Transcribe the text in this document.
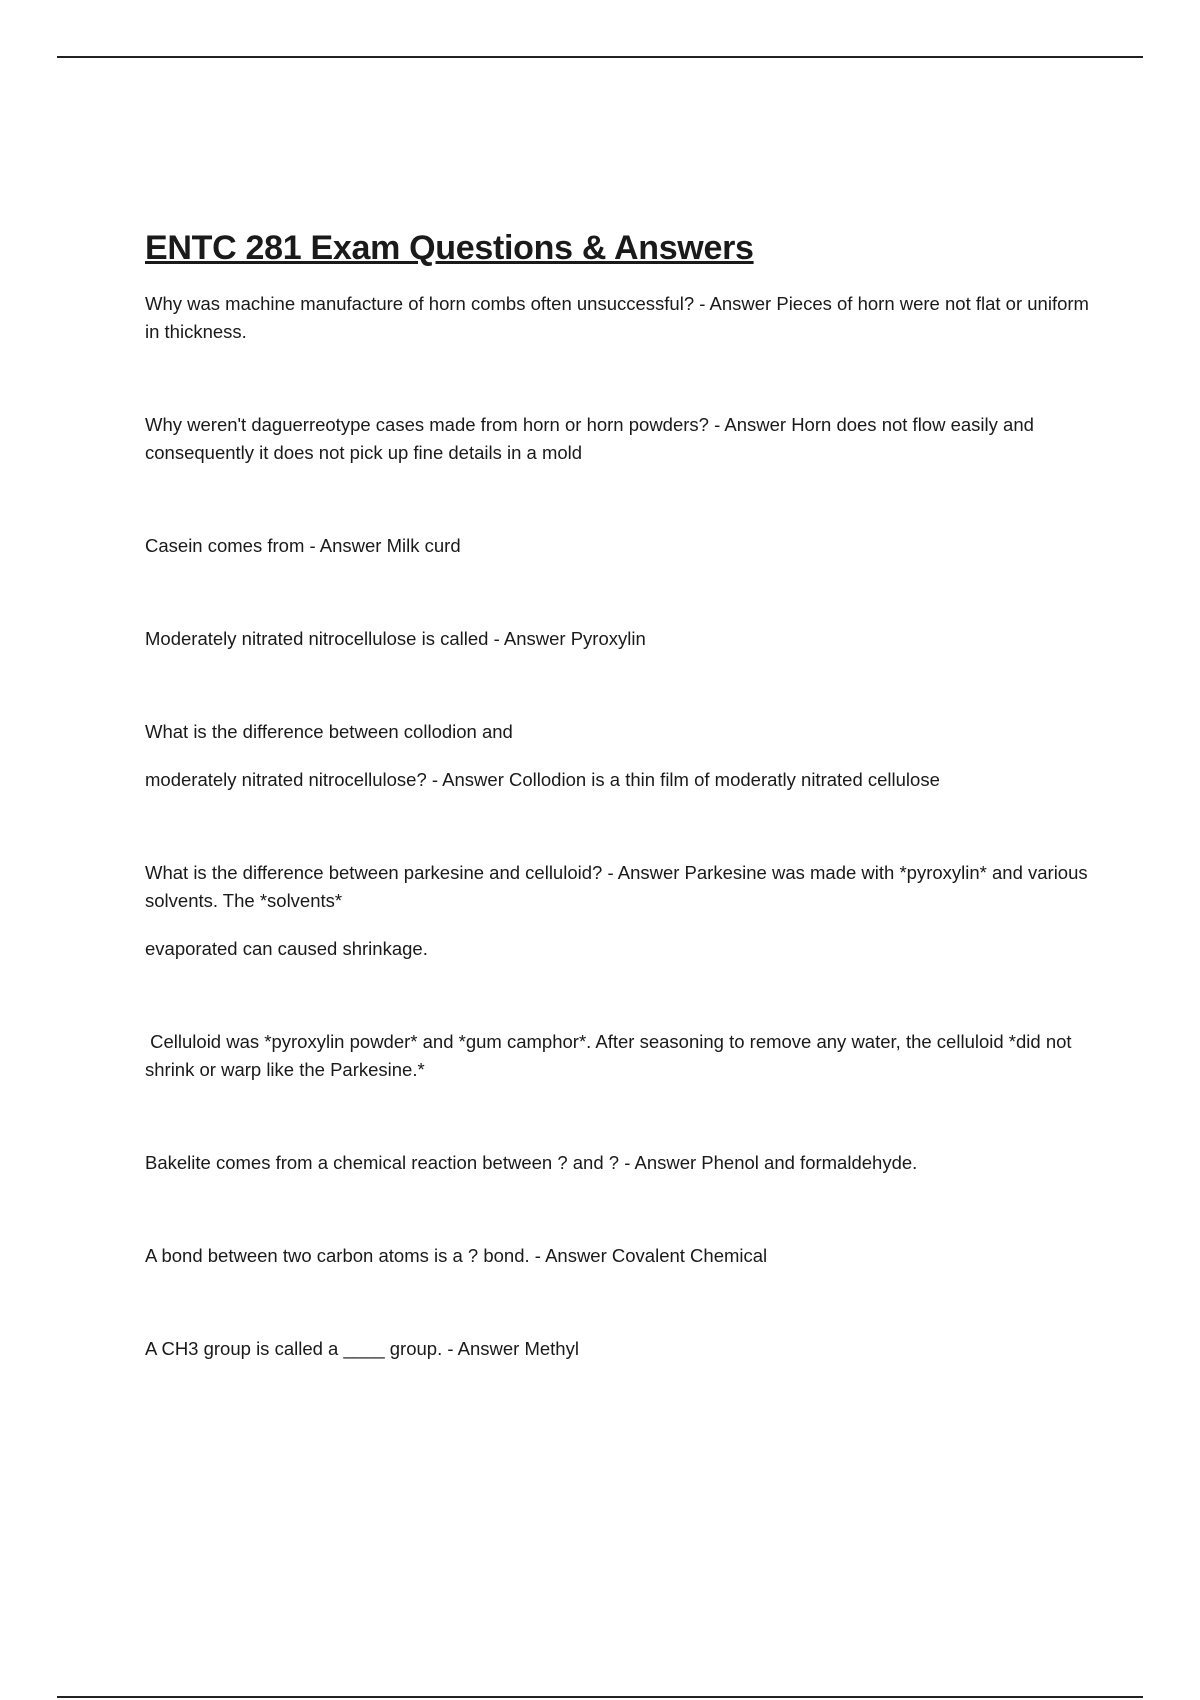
ENTC 281 Exam Questions & Answers

Why was machine manufacture of horn combs often unsuccessful? - Answer Pieces of horn were not flat or uniform in thickness.

Why weren't daguerreotype cases made from horn or horn powders? - Answer Horn does not flow easily and consequently it does not pick up fine details in a mold

Casein comes from - Answer Milk curd

Moderately nitrated nitrocellulose is called - Answer Pyroxylin

What is the difference between collodion and

moderately nitrated nitrocellulose? - Answer Collodion is a thin film of moderatly nitrated cellulose

What is the difference between parkesine and celluloid? - Answer Parkesine was made with *pyroxylin* and various solvents. The *solvents*

evaporated can caused shrinkage.

Celluloid was *pyroxylin powder* and *gum camphor*. After seasoning to remove any water, the celluloid *did not shrink or warp like the Parkesine.*

Bakelite comes from a chemical reaction between ? and ? - Answer Phenol and formaldehyde.

A bond between two carbon atoms is a ? bond. - Answer Covalent Chemical

A CH3 group is called a ____ group. - Answer Methyl
